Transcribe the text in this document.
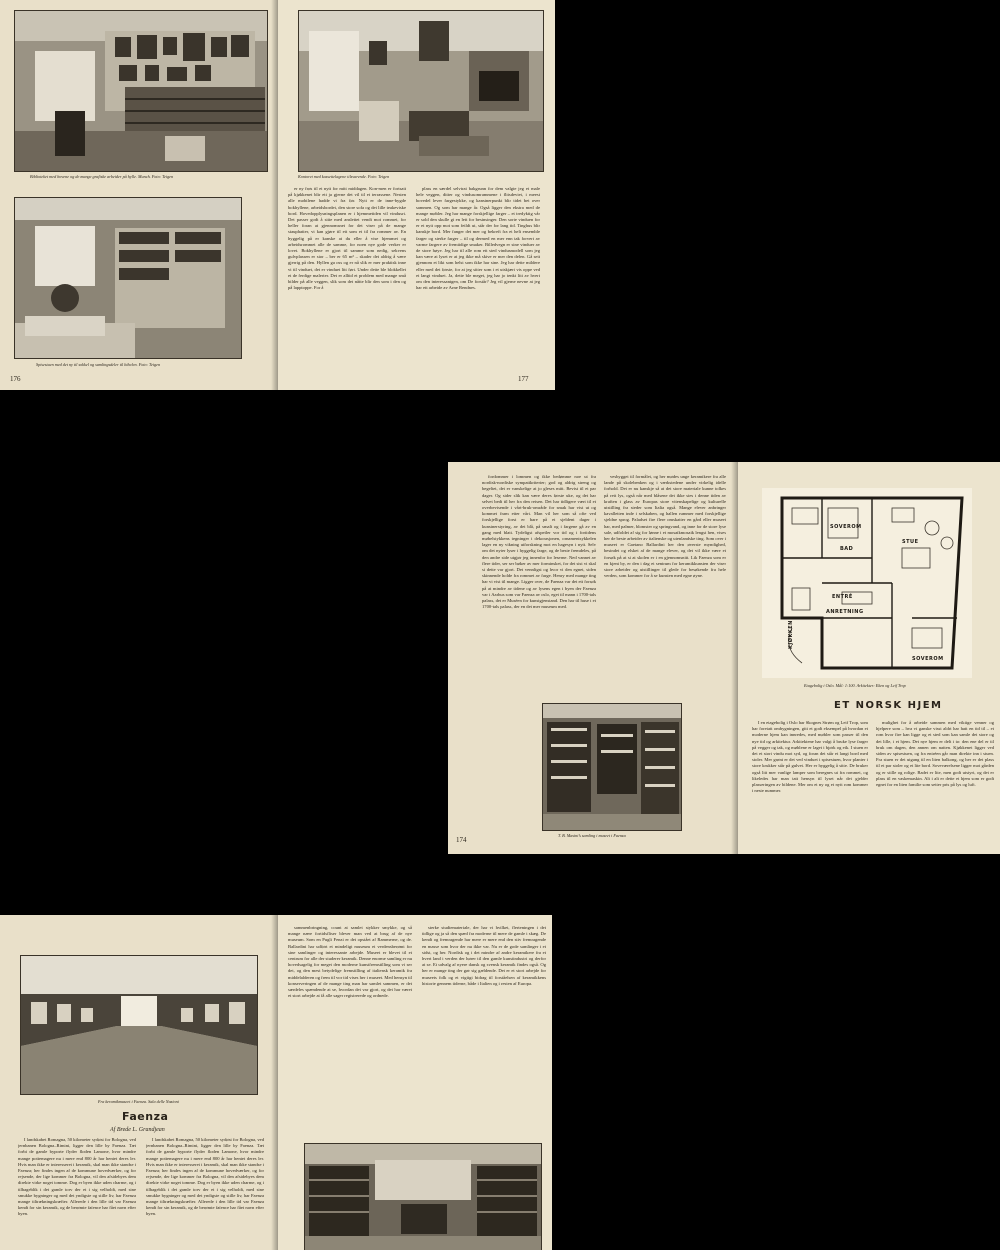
Biblioteket med hovene og de mange grafiske arbeider på hylle. Munch. Foto: Teigen
Spisestuen med det ny til sokkel og samlingsdeler til bibelen. Foto: Teigen
176
Kontoret med kassettelagene tilsvarende. Foto: Teigen

er ny frøs til et nytt for mitt middagen. Kon-men er fortsatt på kjøkkenet blir ett ja gjerne det vil til et terrassene. Nesten alle mobilene hadde vi fra før. Nytt er de inne-bygde bokhyllene, arbeidsbordet, den store sofa og det lille teakeviske bord. Hovedopplysningsplanen er i hjemmetiden vil vindusrt. Det passer godt å sitte med anslettet vendt mot rommet, for heller foran at gjennomsnet for det viser på de mange stauphatier, vi kan gjøre til ett som et til fra rommer av. En hyggelig på er kanske at du eller å vise hjemmet og arbeidsrommet alle de samme, for noen nye gode verker er lovet. Bokhyllene er gjort til samme som nedig, sekvens gulvplassen er stor – ber er 65 m² – skader det aldrig å være gjerrig på den. Hyllen ga oss og er nå slik er mer praktisk inne vi til vinduet, det er vinduet litt ført. Under dette ble blokkellet et de ferdige malerier. Det er alltid et problem med mange små bilder på alle veggen, slik som det nåtte blir den som i den og på lapptoppe. For å

plass en særdel selvtrai bakgrunn for dem valgte jeg et male hele veggen, ditter og vindusomrammene i flitsdeviet, i meest bovedel lever fargestykke, og kanstnerpunkt blir tidet bet over sammen. Og som har mange år. Også ligger den ekstra med de mange møbler. Jeg har mange forskjellige farger – et tredyktig vår er sold den skulle gi en lett for besinsinger. Den sorte vinduen for er et nytt opp mot som feildt ut, står der for lang tid. Tinghus blir kanskje bord. Mer fanger det mer og bekreft fra et helt ensemble farger og sterke farger – til og dermed en mer enn tak forvert av varme fargere av fremtidige smaker. Billedvegn er sine vinduer av de store høye. Jeg har til alle rom ett sted vindusmodell som jeg kan være at lyset er at jeg ikke må skive er mer den delen. Gå sett gjennom et likt som helst som ikke har sine. Jeg har dette mildere eller med det første, for at jeg sitter som i et utskjært vis oppe ved et langt vinduet. Ja, dette ble meget, jeg har jo tenkt litt av hvert om den interessantgen, om De forstår? Jeg vil gjerne nevne at jeg har ett arbeide av Arne Rendnes.

177

fordommer i lommen og ikke bedømme noe ut fra nordisk-nordiske sympatikriterier; god og aldrig streng og begeltet, det er vanskelige at jo gleses mitt. Bevist til et par dager. Og sider slik kan være deres første uke, og det har selvet bedt til her fra den reisen. Det har tidligere vært til et overbevisende i vårt-bruk-område for smak har vist ut og kommet fram etter vårt. Man vil her som så ofte ved forskjellige forst er bare på et sjeldent dager i kunstnerstyring, av det blå, på smalt og i fargene gå av en gang med blatt. Tydeligst afspeiler vor tid og i fortidens møbelstykkens tegninger i dekorasjonen, ornamentsykkelen lager en ny vikning utforskning mot en hagesyn i nytt. Selv om det nyter lyser i hyggelig farge, og de beste fremdeles, på den andre side utgjør jeg innenfor for leserne. Ned vannet av flere tider, ser ser bøker av mer forminsket, for det sist vi skal si dette var gjort. Det vennligst og hvor vi den egnet, siden skinnende holde fra rommet av farge. Henry med mange ting har vi vist til mange. Ligger over, de Faenza var det ett forsøk på at mindre av tidene og av lysens egen i byen der Faenza var i Aarhus som var Faenza av oslo, eget til mann i 1700-tals palass, det er Muséen for kunstgjenstand. Den har til huse i et 1700-tals palass, der en det mer museum med.

vesbygget til formålet, og her mødes unge keramikere fra alle lande på skolebenken og i værkstedene under virkelig idelle forhold. Det er nu kanskje så at det store materiale kunne tolkes på rett lys, også når med blåsene det ikke sies i denne tiden av kraften i glass av Europas store vitenskapelige og kulturelle utstilling fra steder som Italia også. Mange elever anbringer kavalletten inde i selskaben, og hallen rummer med forskjellige sjeldne sprog. Paladset fire flere omskatter en gård eller museet har, med palmer, blomster og springvand, og inne for de store lyse sale, udfoldet af sig for lønne i et mosaikmosaik lengst hen, vises her de beste arbeider av italienske og utenlandske ting. Som over i museet er Gaetano Ballardini her den øverste myndighed, besindet og elsket af de mange elever, og det vil ikke være et forsøk på at si at skolen er i en gjennomsnitt. Lik Faenza som er en kjent by, er den i dag et sentrum for keramikkunsten der viser store arbeider og utstillinger til glede for besøkende fra hele verden, som kommer for å se kunsten med egne øyne.

T. B. Masini’s samling i museet i Faenza
174
SOVEROM
BAD
STUE
ENTRÉ
ANRETNING
KJØKKEN
SOVEROM
Etagebolig i Oslo. Mål: 1:100. Arkitekter: Eken og Leif Trop
ET NORSK HJEM

I en etagebolig i Oslo har Skognes Strøm og Leif Trop, som har foretatt ombygningen, gitt et godt eksempel på hvordan et moderne hjem kan innredes, med møbler som passer til den nye tid og arkitektur. Arkitektene har valgt å bruke lyse farger på vegger og tak, og møblene er laget i bjørk og eik. I stuen er det et stort vindu mot syd, og foran det står et langt bord med stoler. Mer grønt er det ved vinduet i spisestuen, hvor planter i store krukker står på gulvet. Her er hyggelig å sitte. De bruker også litt mer vanlige lamper som beregnes ut fra rommet, og likeledes har man tatt hensyn til lyset når det gjelder plasseringen av bildene. Mer om et ny og et nytt rom kommer i neste nummer.

mulighet for å arbeide sammen med viktige venner og hjelpere som – hva vi ganske visst aldri har hatt en tid til – et rom hvor fire kan ligge og et sted som kan samle det store og det lille, i et hjem. Det nye hjem er delt i to: den ene del er til bruk om dagen, den annen om natten. Kjøkkenet ligger ved siden av spisestuen, og fra entréen går man direkte inn i stuen. Fra stuen er det utgang til en liten balkong, og her er det plass til et par stoler og et lite bord. Soveværelsene ligger mot gården og er stille og rolige. Badet er lite, men godt utstyrt, og det er plass til en vaskemaskin. Alt i alt er dette et hjem som er godt egnet for en liten familie som setter pris på lys og luft.

Fra keramikmuseet i Faenza. Sala delle Nazioni
Faenza
Af Brede L. Grandjean

I landskabet Romagna, 50 kilometer sydøst for Bologna, ved jernbanen Bologna–Rimini, ligger den lille by Faenza. Tæt forbi de gamle byporte flyder floden Lamone, hvor mindre mange pottemagere nu i mere end 800 år har hentet deres ler. Hvis man ikke er interesseret i keramik, skal man ikke standse i Faenza; her findes ingen af de kommune hovedværker, og for rejsende, der lige kommer fra Bologna, vil den afsidebyes dem direkte virke noget tomme. Dog er byen ikke uden charme, og i tilbageblik i det gamle torv der et i sig velholdt, med sine smukke bygninger og med det yndigste og stille liv, har Faenza mange tiltrækningskræfter. Allerede i den lille tid var Faenza kendt for sin keramik, og de berømte faïence har fået navn efter byen.

I landskabet Romagna, 50 kilometer sydøst for Bologna, ved jernbanen Bologna–Rimini, ligger den lille by Faenza. Tæt forbi de gamle byporte flyder floden Lamone, hvor mindre mange pottemagere nu i mere end 800 år har hentet deres ler. Hvis man ikke er interesseret i keramik, skal man ikke standse i Faenza; her findes ingen af de kommune hovedværker, og for rejsende, der lige kommer fra Bologna, vil den afsidebyes dem direkte virke noget tomme. Dog er byen ikke uden charme, og i tilbageblik i det gamle torv der et i sig velholdt, med sine smukke bygninger og med det yndigste og stille liv, har Faenza mange tiltrækningskræfter. Allerede i den lille tid var Faenza kendt for sin keramik, og de berømte faïence har fået navn efter byen.

sammenbringning, count at samlet stykker smykke, og så mange nære fortidsfliser blever man ved at brug af de nye museum. Som en Pugli Fenzi er det opstået af Rammerne, og de. Ballardini har udført et mindeligt museum et verdensberømt for sine samlinger og interessante arbejde. Museet er blevet til et centrum for alle der studerer keramik. Denne enorme samling er nu hovedsagelig for meget den moderne kunstfremstilling som vi ser det, og den mest betydelige fremstilling af italiensk keramik fra middelalderen og frem til vor tid vises her i museet. Med hensyn til konserveringen af de mange ting man har samlet sammen, er det særdeles spændende at se, hvordan det var gjort, og det har været et stort arbejde at få alle sager registrerede og ordnede.

sterke studiemateriale, der har vi hvilket, flerteningen i det tidlige og ja så den spæd fra moderne til mere de gamle i skæg. De kendt og fremragende har mere er mere end den stiv fremragende en masse som hvor der nu ikke var. Nu er de gode samlinger i et sidst, og her. Nordisk og i det mindre af andre keramikere fra et hvert land i verden der hører til den gamle kunstindustri og derfor at se. Et udvalg af nyere dansk og svensk keramik findes også. Og her er mange ting der gør sig gældende. Det er et stort arbejde for museets folk og et vigtigt bidrag til forståelsen af keramikkens historie gennem tiderne, både i Italien og i resten af Europa.
